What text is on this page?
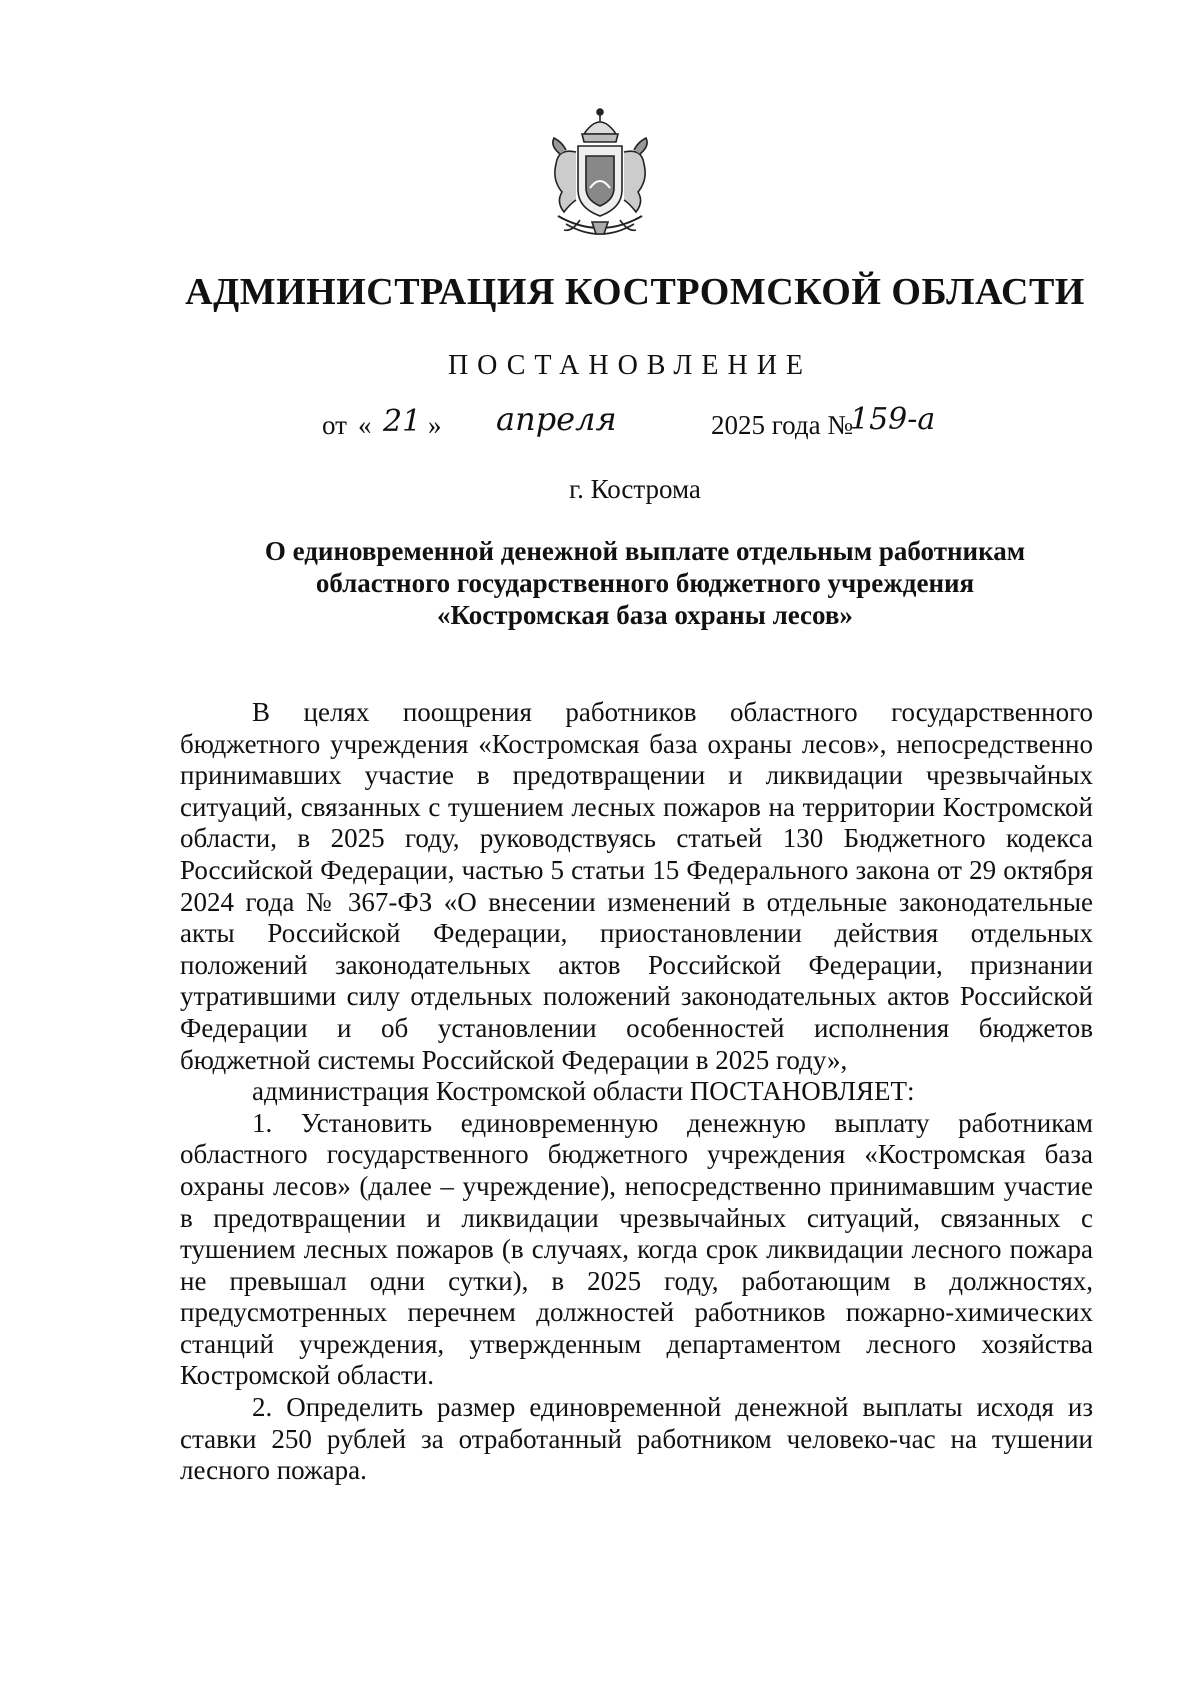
АДМИНИСТРАЦИЯ КОСТРОМСКОЙ ОБЛАСТИ
ПОСТАНОВЛЕНИЕ
от « 21 » апреля	2025 года №
159-а
г. Кострома
О единовременной денежной выплате отдельным работникам
областного государственного бюджетного учреждения
«Костромская база охраны лесов»

В целях поощрения работников областного государственного бюджетного учреждения «Костромская база охраны лесов», непосредственно принимавших участие в предотвращении и ликвидации чрезвычайных ситуаций, связанных с тушением лесных пожаров на территории Костромской области, в 2025 году, руководствуясь статьей 130 Бюджетного кодекса Российской Федерации, частью 5 статьи 15 Федерального закона от 29 октября 2024 года № 367-ФЗ «О внесении изменений в отдельные законодательные акты Российской Федерации, приостановлении действия отдельных положений законодательных актов Российской Федерации, признании утратившими силу отдельных положений законодательных актов Российской Федерации и об установлении особенностей исполнения бюджетов бюджетной системы Российской Федерации в 2025 году»,

администрация Костромской области ПОСТАНОВЛЯЕТ:

1. Установить единовременную денежную выплату работникам областного государственного бюджетного учреждения «Костромская база охраны лесов» (далее – учреждение), непосредственно принимавшим участие в предотвращении и ликвидации чрезвычайных ситуаций, связанных с тушением лесных пожаров (в случаях, когда срок ликвидации лесного пожара не превышал одни сутки), в 2025 году, работающим в должностях, предусмотренных перечнем должностей работников пожарно-химических станций учреждения, утвержденным департаментом лесного хозяйства Костромской области.

2. Определить размер единовременной денежной выплаты исходя из ставки 250 рублей за отработанный работником человеко-час на тушении лесного пожара.
